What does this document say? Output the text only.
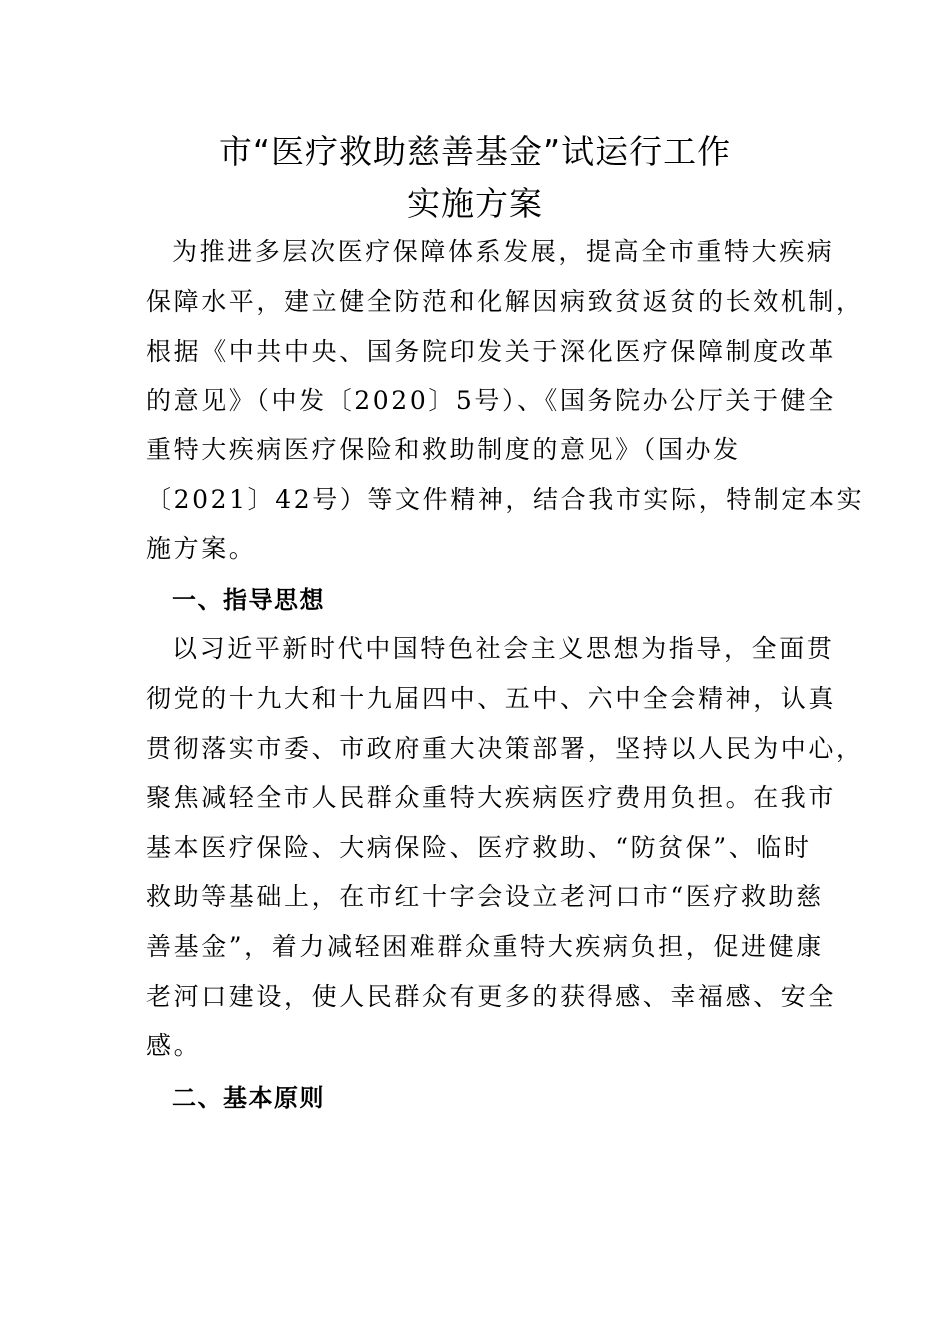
市“医疗救助慈善基金”试运行工作
实施方案
为推进多层次医疗保障体系发展，提高全市重特大疾病
保障水平，建立健全防范和化解因病致贫返贫的长效机制，
根据《中共中央、国务院印发关于深化医疗保障制度改革
的意见》（中发〔2020〕5号）、《国务院办公厅关于健全
重特大疾病医疗保险和救助制度的意见》（国办发
〔2021〕42号）等文件精神，结合我市实际，特制定本实
施方案。
一、指导思想
以习近平新时代中国特色社会主义思想为指导，全面贯
彻党的十九大和十九届四中、五中、六中全会精神，认真
贯彻落实市委、市政府重大决策部署，坚持以人民为中心，
聚焦减轻全市人民群众重特大疾病医疗费用负担。在我市
基本医疗保险、大病保险、医疗救助、“防贫保”、临时
救助等基础上，在市红十字会设立老河口市“医疗救助慈
善基金”，着力减轻困难群众重特大疾病负担，促进健康
老河口建设，使人民群众有更多的获得感、幸福感、安全
感。
二、基本原则
